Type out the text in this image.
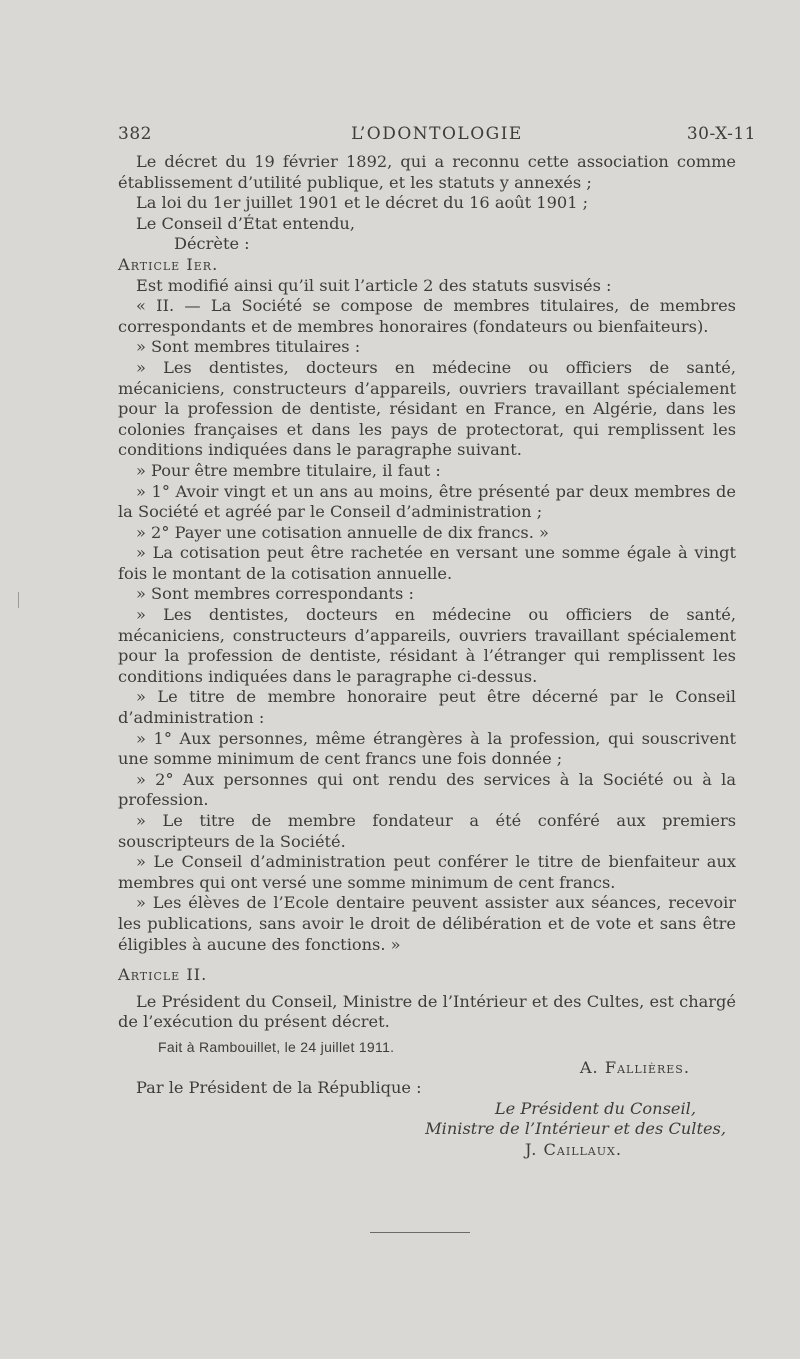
382	L’ODONTOLOGIE	30-X-11

Le décret du 19 février 1892, qui a reconnu cette association comme établissement d’utilité publique, et les statuts y annexés ;

La loi du 1er juillet 1901 et le décret du 16 août 1901 ;

Le Conseil d’État entendu,

Décrète :

Article Ier.

Est modifié ainsi qu’il suit l’article 2 des statuts susvisés :

« II. — La Société se compose de membres titulaires, de membres correspondants et de membres honoraires (fondateurs ou bienfaiteurs).

» Sont membres titulaires :

» Les dentistes, docteurs en médecine ou officiers de santé, mécaniciens, constructeurs d’appareils, ouvriers travaillant spécialement pour la profession de dentiste, résidant en France, en Algérie, dans les colonies françaises et dans les pays de protectorat, qui remplissent les conditions indiquées dans le paragraphe suivant.

» Pour être membre titulaire, il faut :

» 1° Avoir vingt et un ans au moins, être présenté par deux membres de la Société et agréé par le Conseil d’administration ;

» 2° Payer une cotisation annuelle de dix francs. »

» La cotisation peut être rachetée en versant une somme égale à vingt fois le montant de la cotisation annuelle.

» Sont membres correspondants :

» Les dentistes, docteurs en médecine ou officiers de santé, mécaniciens, constructeurs d’appareils, ouvriers travaillant spécialement pour la profession de dentiste, résidant à l’étranger qui remplissent les conditions indiquées dans le paragraphe ci-dessus.

» Le titre de membre honoraire peut être décerné par le Conseil d’administration :

» 1° Aux personnes, même étrangères à la profession, qui souscrivent une somme minimum de cent francs une fois donnée ;

» 2° Aux personnes qui ont rendu des services à la Société ou à la profession.

» Le titre de membre fondateur a été conféré aux premiers souscripteurs de la Société.

» Le Conseil d’administration peut conférer le titre de bienfaiteur aux membres qui ont versé une somme minimum de cent francs.

» Les élèves de l’Ecole dentaire peuvent assister aux séances, recevoir les publications, sans avoir le droit de délibération et de vote et sans être éligibles à aucune des fonctions. »

Article II.

Le Président du Conseil, Ministre de l’Intérieur et des Cultes, est chargé de l’exécution du présent décret.

Fait à Rambouillet, le 24 juillet 1911.

A. Fallières.

Par le Président de la République :

Le Président du Conseil,

Ministre de l’Intérieur et des Cultes,

J. Caillaux.
